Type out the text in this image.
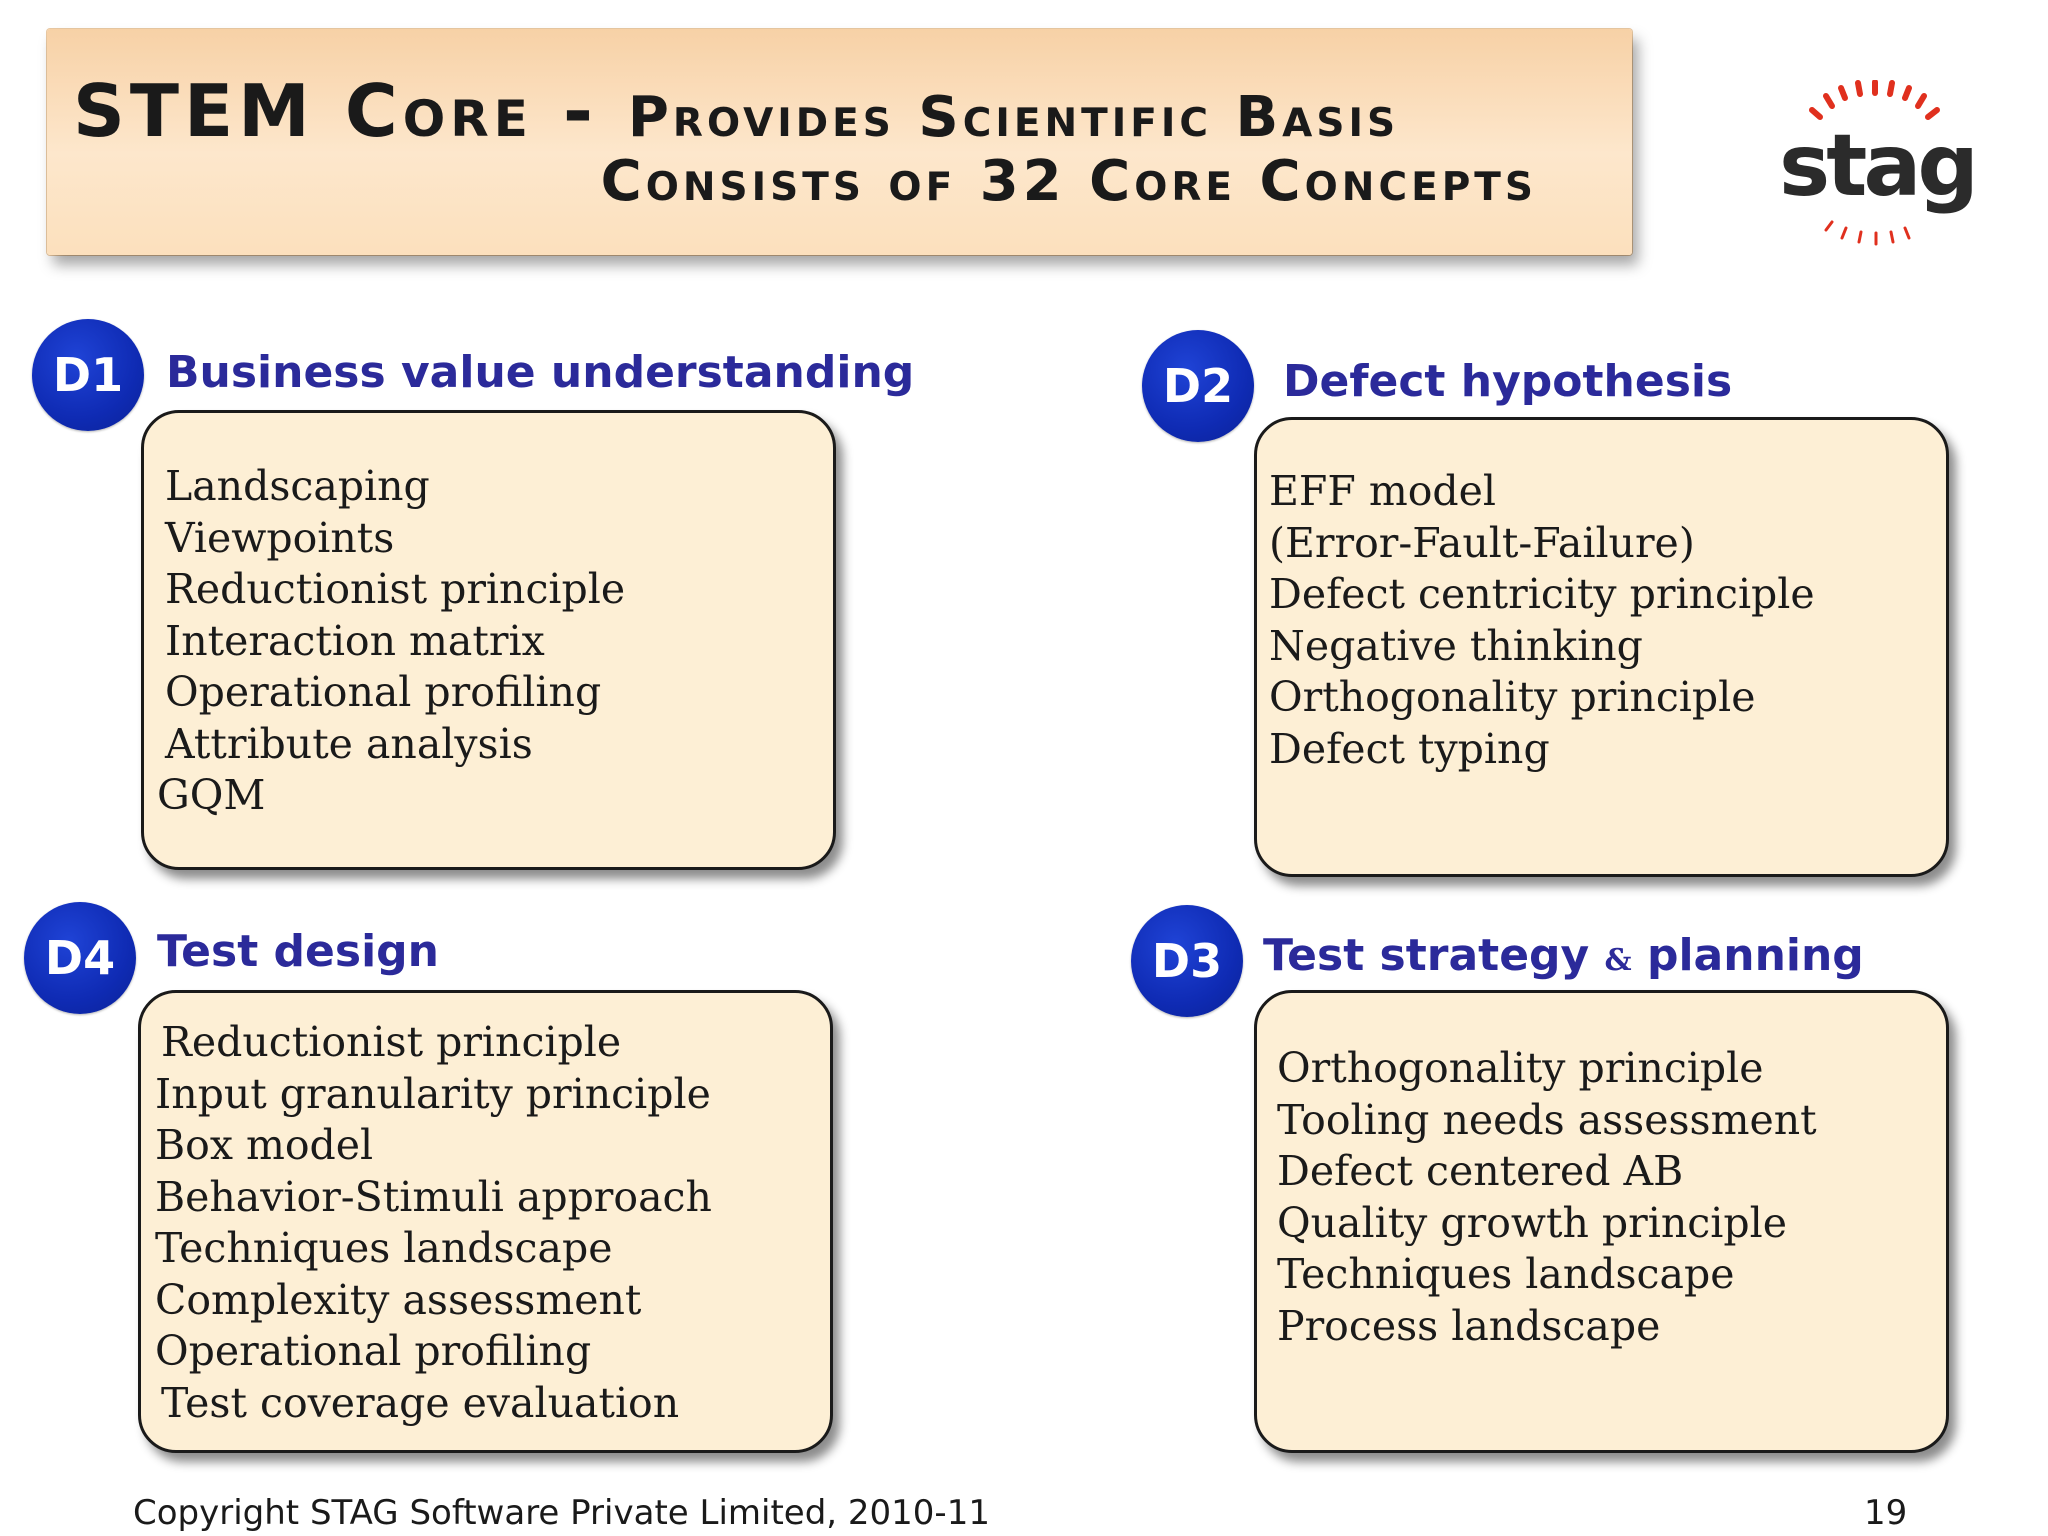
STEM Core - Provides Scientific Basis

Consists of 32 Core Concepts	stag
D1 Business value understanding
Landscaping
Viewpoints
Reductionist principle
Interaction matrix
Operational profiling
Attribute analysis
GQM
D2	Defect hypothesis
EFF model
(Error-Fault-Failure)
Defect centricity principle
Negative thinking
Orthogonality principle
Defect typing
D4 Test design
Reductionist principle
Input granularity principle
Box model
Behavior-Stimuli approach
Techniques landscape
Complexity assessment
Operational profiling
Test coverage evaluation
D3 Test strategy & planning
Orthogonality principle
Tooling needs assessment
Defect centered AB
Quality growth principle
Techniques landscape
Process landscape

Copyright STAG Software Private Limited, 2010-11	19
